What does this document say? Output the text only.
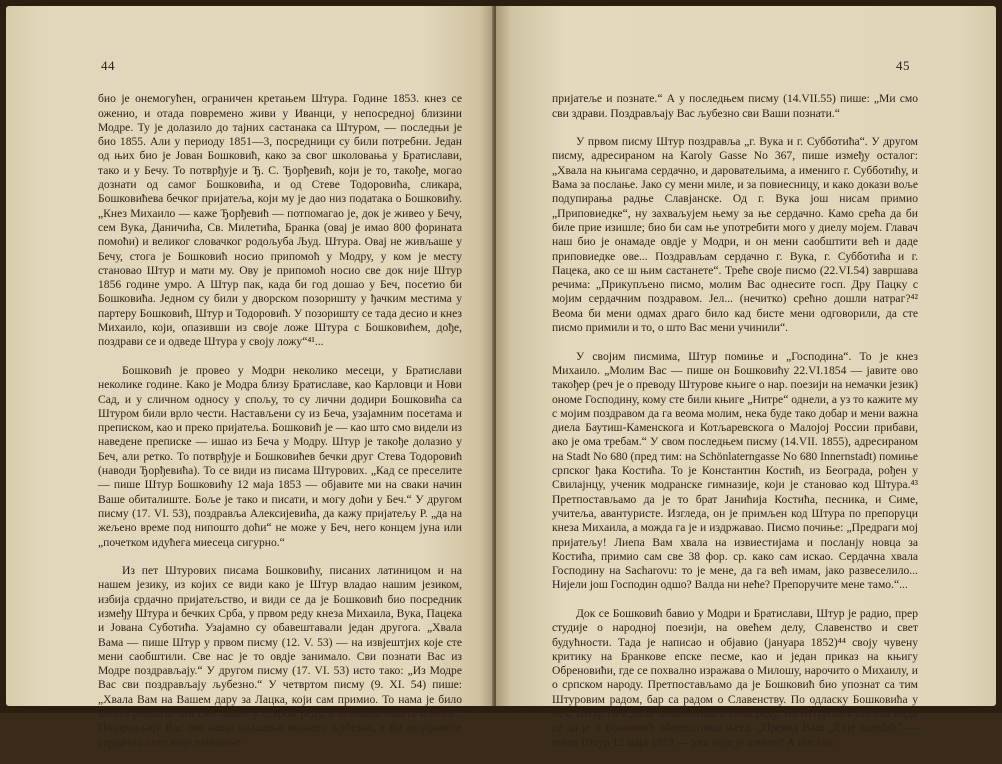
44

био је онемогућен, ограничен кретањем Штура. Године 1853. кнез се оженио, и отада повремено живи у Иванци, у непосредној близини Модре. Ту је долазило до тајних састанака са Штуром, — последњи је био 1855. Али у периоду 1851—3, посредници су били потребни. Један од њих био је Јован Бошковић, како за свог школовања у Братислави, тако и у Бечу. То потврђује и Ђ. С. Ђорђевић, који је то, такође, могао дознати од самог Бошковића, и од Стеве Тодоровића, сликара, Бошковићева бечког пријатеља, који му је дао низ података о Бошковићу. „Кнез Михаило — каже Ђорђевић — потпомагао је, док је живео у Бечу, сем Вука, Даничића, Св. Милетића, Бранка (овај је имао 800 форината помоћи) и великог словачког родољуба Људ. Штура. Овај не живљаше у Бечу, стога је Бошковић носио припомоћ у Модру, у ком је месту становао Штур и мати му. Ову је припомоћ носио све док није Штур 1856 године умро. А Штур пак, када би год дошао у Беч, посетио би Бошковића. Једном су били у дворском позоришту у ђачким местима у партеру Бошковић, Штур и Тодоровић. У позоришту се тада десио и кнез Михаило, који, опазивши из своје ложе Штура с Бошковићем, дође, поздрави се и одведе Штура у своју ложу“⁴¹...

Бошковић је провео у Модри неколико месеци, у Братислави неколике године. Како је Модра близу Братиславе, као Карловци и Нови Сад, и у сличном односу у спољу, то су лични додири Бошковића са Штуром били врло чести. Настављени су из Беча, узајамним посетама и преписком, као и преко пријатеља. Бошковић је — као што смо видели из наведене преписке — ишао из Беча у Модру. Штур је такође долазио у Беч, али ретко. То потврђује и Бошковићев бечки друг Стева Тодоровић (наводи Ђорђевића). То се види из писама Штурових. „Кад се преселите — пише Штур Бошковићу 12 маја 1853 — објавите ми на сваки начин Ваше обиталиште. Боље је тако и писати, и могу доћи у Беч.“ У другом писму (17. VI. 53), поздравља Алексијевића, да кажу пријатељу Р. „да на жељено време под нипошто доћи“ не може у Беч, него концем јуна или „почетком идућега миесеца сигурно.“

Из пет Штурових писама Бошковићу, писаних латиницом и на нашем језику, из којих се види како је Штур владао нашим језиком, избија срдачно пријатељство, и види се да је Бошковић био посредник између Штура и бечких Срба, у првом реду кнеза Михаила, Вука, Пацека и Јована Суботића. Узајамно су обавештавали један другога. „Хвала Вама — пише Штур у првом писму (12. V. 53) — на извјештјих које сте мени саобштили. Све нас је то овдје занимало. Сви познати Вас из Модре поздрављају.“ У другом писму (17. VI. 53) исто тако: „Из Модре Вас сви поздрављају љубезно.“ У четвртом писму (9. XI. 54) пише: „Хвала Вам на Вашем дару за Лацка, који сам примио. То нама је било нешто редкога! Ми смо овдие у старом реду, а неимамо ништа новога... Поздрављају Вас сви ваши овдашњи познати љубезно, а Ви поздравите сердачно опет моје тамошње

45

пријатеље и познате.“ А у последњем писму (14.VII.55) пише: „Ми смо сви здрави. Поздрављају Вас љубезно сви Ваши познати.“

У првом писму Штур поздравља „г. Вука и г. Субботића“. У другом писму, адресираном на Karoly Gasse No 367, пише између осталог: „Хвала на књигама сердачно, и даровательима, а имениго г. Субботићу, и Вама за послање. Јако су мени миле, и за повиесницу, и како докази воље подупирања радње Славјанске. Од г. Вука још нисам примио „Приповиедке“, ну захваљујем њему за ње сердачно. Камо срећа да би биле прие изишле; био би сам ње употребити мого у диелу мојем. Главач наш био је онамаде овдје у Модри, и он мени саобштити већ и даде приповиедке ове... Поздрављам сердачно г. Вука, г. Субботића и г. Пацека, ако се ш њим састанете“. Треће своје писмо (22.VI.54) завршава речима: „Прикупљено писмо, молим Вас однесите госп. Дру Пацку с мојим сердачним поздравом. Јел... (нечитко) срећно дошли натраг?⁴² Веома би мени одмах драго било кад бисте мени одговорили, да сте писмо примили и то, о што Вас мени учинили“.

У својим писмима, Штур помиње и „Господина“. То је кнез Михаило. „Молим Вас — пише он Бошковићу 22.VI.1854 — јавите ово такођер (реч је о преводу Штурове књиге о нар. поезији на немачки језик) ономе Господину, кому сте били књиге „Нитре“ однели, а уз то кажите му с мојим поздравом да га веома молим, нека буде тако добар и мени важна диела Баутиш-Каменскога и Котљаревскога о Малојој России прибави, ако је ома требам.“ У свом последњем писму (14.VII. 1855), адресираном на Stadt No 680 (пред тим: на Schönlaterngasse No 680 Innernstadt) помиње српског ђака Костића. То је Константин Костић, из Београда, рођен у Свилајнцу, ученик модранске гимназије, који је становао код Штура.⁴³ Претпостављамо да је то брат Јанићија Костића, песника, и Симе, учитеља, авантуристе. Изгледа, он је примљен код Штура по препоруци кнеза Михаила, а можда га је и издржавао. Писмо почиње: „Предраги мој пријатељу! Лиепа Вам хвала на извиестијама и посланју новца за Костића, примио сам све 38 фор. ср. како сам искао. Сердачна хвала Господину на Sacharovu: то је мене, да га већ имам, јако развеселило... Нијели још Господин одшо? Валда ни неће? Препоручите мене тамо.“...

Док се Бошковић бавио у Модри и Братислави, Штур је радио, прер студије о народној поезији, на овећем делу, Славенство и свет будућности. Тада је написао и објавио (јануара 1852)⁴⁴ своју чувену критику на Бранкове епске песме, као и један приказ на књигу Обреновићи, где се похвално изражава о Милошу, нарочито о Михаилу, и о српском народу. Претпостављамо да је Бошковић био упознат са тим Штуровим радом, бар са радом о Славенству. По одласку Бошковића у Беч, Штур га и даље обавештава о свом раду. Из Штурових писама види се да је и Бошковић обавештавао њега. „Превод Ваш „Zitje narodah“ — пише Штур 12 маја 1853 — још није је изишо? А писали
